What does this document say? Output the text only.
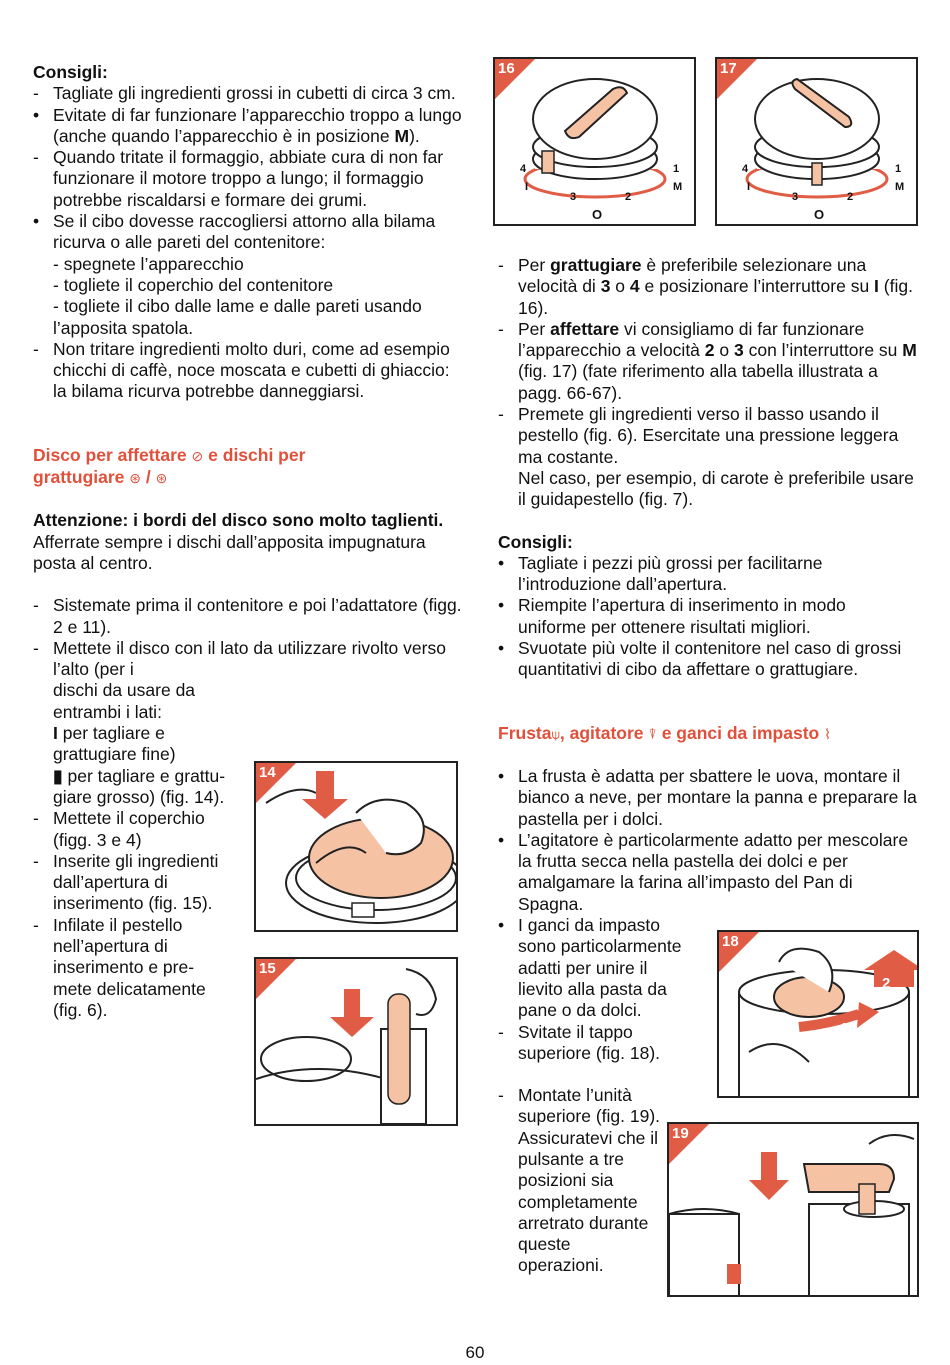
Consigli:
- Tagliate gli ingredienti grossi in cubetti di circa 3 cm.
• Evitate di far funzionare l’apparecchio troppo a lungo (anche quando l’apparecchio è in posizione M).
- Quando tritate il formaggio, abbiate cura di non far funzionare il motore troppo a lungo; il formaggio potrebbe riscaldarsi e formare dei grumi.
• Se il cibo dovesse raccogliersi attorno alla bilama ricurva o alle pareti del contenitore:
- spegnete l’apparecchio
- togliete il coperchio del contenitore
- togliete il cibo dalle lame e dalle pareti usando l’apposita spatola.
- Non tritare ingredienti molto duri, come ad esempio chicchi di caffè, noce moscata e cubetti di ghiaccio: la bilama ricurva potrebbe danneggiarsi.
Disco per affettare ⊘ e dischi per
grattugiare ⊛ / ⊛
Attenzione: i bordi del disco sono molto taglienti. Afferrate sempre i dischi dall’apposita impugnatura posta al centro.
- Sistemate prima il contenitore e poi l’adattatore (figg. 2 e 11).
- Mettete il disco con il lato da utilizzare rivolto verso l’alto (per i
dischi da usare da
entrambi i lati:
I per tagliare e
grattugiare fine)
▮ per tagliare e grattu-
giare grosso) (fig. 14).
- Mettete il coperchio
(figg. 3 e 4)
- Inserite gli ingredienti
dall’apertura di
inserimento (fig. 15).
- Infilate il pestello
nell’apertura di
inserimento e pre-
mete delicatamente
(fig. 6).
- Per grattugiare è preferibile selezionare una velocità di 3 o 4 e posizionare l’interruttore su I (fig. 16).
- Per affettare vi consigliamo di far funzionare l’apparecchio a velocità 2 o 3 con l’interruttore su M (fig. 17) (fate riferimento alla tabella illustrata a pagg. 66-67).
- Premete gli ingredienti verso il basso usando il pestello (fig. 6). Esercitate una pressione leggera ma costante.
Nel caso, per esempio, di carote è preferibile usare il guidapestello (fig. 7).
Consigli:
• Tagliate i pezzi più grossi per facilitarne l’introduzione dall’apertura.
• Riempite l’apertura di inserimento in modo uniforme per ottenere risultati migliori.
• Svuotate più volte il contenitore nel caso di grossi quantitativi di cibo da affettare o grattugiare.
Frusta⍦, agitatore ⍒ e ganci da impasto ⌇
• La frusta è adatta per sbattere le uova, montare il bianco a neve, per montare la panna e preparare la pastella per i dolci.
• L’agitatore è particolarmente adatto per mescolare la frutta secca nella pastella dei dolci e per amalgamare la farina all’impasto del Pan di Spagna.
• I ganci da impasto
sono particolarmente
adatti per unire il
lievito alla pasta da
pane o da dolci.
- Svitate il tappo
superiore (fig. 18).
- Montate l’unità
superiore (fig. 19).
Assicuratevi che il
pulsante a tre
posizioni sia
completamente
arretrato durante
queste
operazioni.
16
4
3	2
1
M
I
O
17
4
3	2
1
M
I
O
14
15
18
2
1
19
60
